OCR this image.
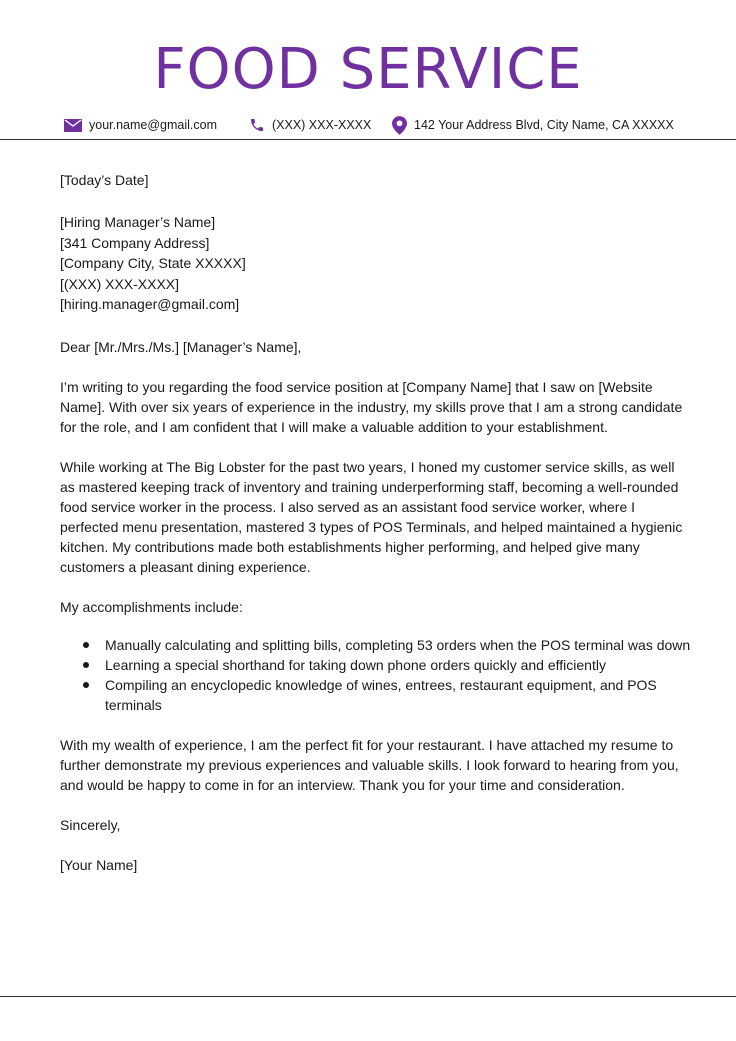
FOOD SERVICE
your.name@gmail.com	(XXX) XXX-XXXX	142 Your Address Blvd, City Name, CA XXXXX

[Today’s Date]

[Hiring Manager’s Name]
[341 Company Address]
[Company City, State XXXXX]
[(XXX) XXX-XXXX]
[hiring.manager@gmail.com]

Dear [Mr./Mrs./Ms.] [Manager’s Name],

I’m writing to you regarding the food service position at [Company Name] that I saw on [Website Name]. With over six years of experience in the industry, my skills prove that I am a strong candidate for the role, and I am confident that I will make a valuable addition to your establishment.

While working at The Big Lobster for the past two years, I honed my customer service skills, as well as mastered keeping track of inventory and training underperforming staff, becoming a well-rounded food service worker in the process. I also served as an assistant food service worker, where I perfected menu presentation, mastered 3 types of POS Terminals, and helped maintained a hygienic kitchen. My contributions made both establishments higher performing, and helped give many customers a pleasant dining experience.

My accomplishments include:

Manually calculating and splitting bills, completing 53 orders when the POS terminal was down
Learning a special shorthand for taking down phone orders quickly and efficiently
Compiling an encyclopedic knowledge of wines, entrees, restaurant equipment, and POS terminals

With my wealth of experience, I am the perfect fit for your restaurant. I have attached my resume to further demonstrate my previous experiences and valuable skills. I look forward to hearing from you, and would be happy to come in for an interview. Thank you for your time and consideration.

Sincerely,

[Your Name]
